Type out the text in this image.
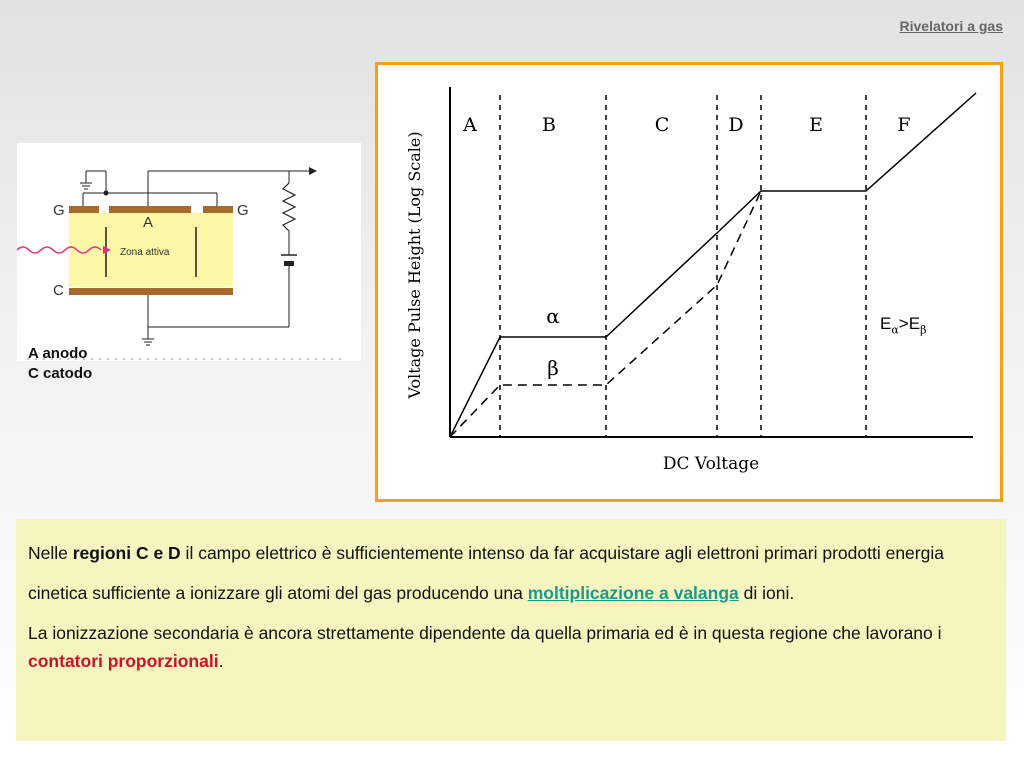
Rivelatori a gas
G	G
A
C
Zona attiva
A anodo
C catodo
A	B	C	D	E	F
α
β
DC Voltage
Voltage Pulse Height (Log Scale)	$E_\alpha>E_\beta$

Nelle regioni C e D il campo elettrico è sufficientemente intenso da far acquistare agli elettroni primari prodotti energia cinetica sufficiente a ionizzare gli atomi del gas producendo una moltiplicazione a valanga di ioni.

La ionizzazione secondaria è ancora strettamente dipendente da quella primaria ed è in questa regione che lavorano i contatori proporzionali.
